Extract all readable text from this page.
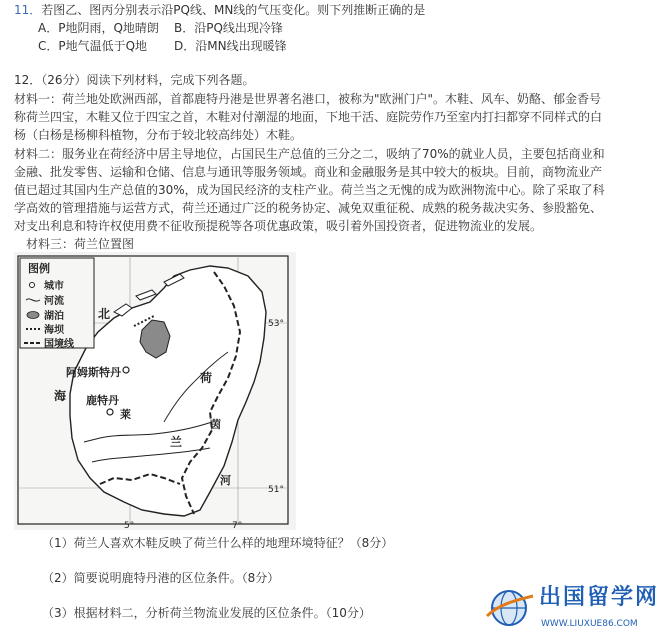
11．若图乙、图丙分别表示沿PQ线、MN线的气压变化。则下列推断正确的是
A．P地阴雨，Q地晴朗 B．沿PQ线出现冷锋
C．P地气温低于Q地 D．沿MN线出现暖锋
12．（26分）阅读下列材料，完成下列各题。
材料一：荷兰地处欧洲西部，首都鹿特丹港是世界著名港口，被称为"欧洲门户"。木鞋、风车、奶酪、郁金香号
称荷兰四宝，木鞋又位于四宝之首，木鞋对付潮湿的地面，下地干活、庭院劳作乃至室内打扫都穿不同样式的白
杨（白杨是杨柳科植物，分布于较北较高纬处）木鞋。
材料二：服务业在荷经济中居主导地位，占国民生产总值的三分之二，吸纳了70%的就业人员，主要包括商业和
金融、批发零售、运输和仓储、信息与通讯等服务领域。商业和金融服务是其中较大的板块。目前，商物流业产
值已超过其国内生产总值的30%，成为国民经济的支柱产业。荷兰当之无愧的成为欧洲物流中心。除了采取了科
学高效的管理措施与运营方式，荷兰还通过广泛的税务协定、减免双重征税、成熟的税务裁决实务、参股豁免、
对支出利息和特许权使用费不征收预提税等各项优惠政策，吸引着外国投资者，促进物流业的发展。
材料三：荷兰位置图
图例
城市
河流
湖泊
海坝
国境线
北
海
阿姆斯特丹
鹿特丹
莱
茵
河
荷
兰
53°
51°
5°	7°
（1）荷兰人喜欢木鞋反映了荷兰什么样的地理环境特征？（8分）
（2）简要说明鹿特丹港的区位条件。（8分）
（3）根据材料二，分析荷兰物流业发展的区位条件。（10分）
出国留学网
WWW.LIUXUE86.COM
